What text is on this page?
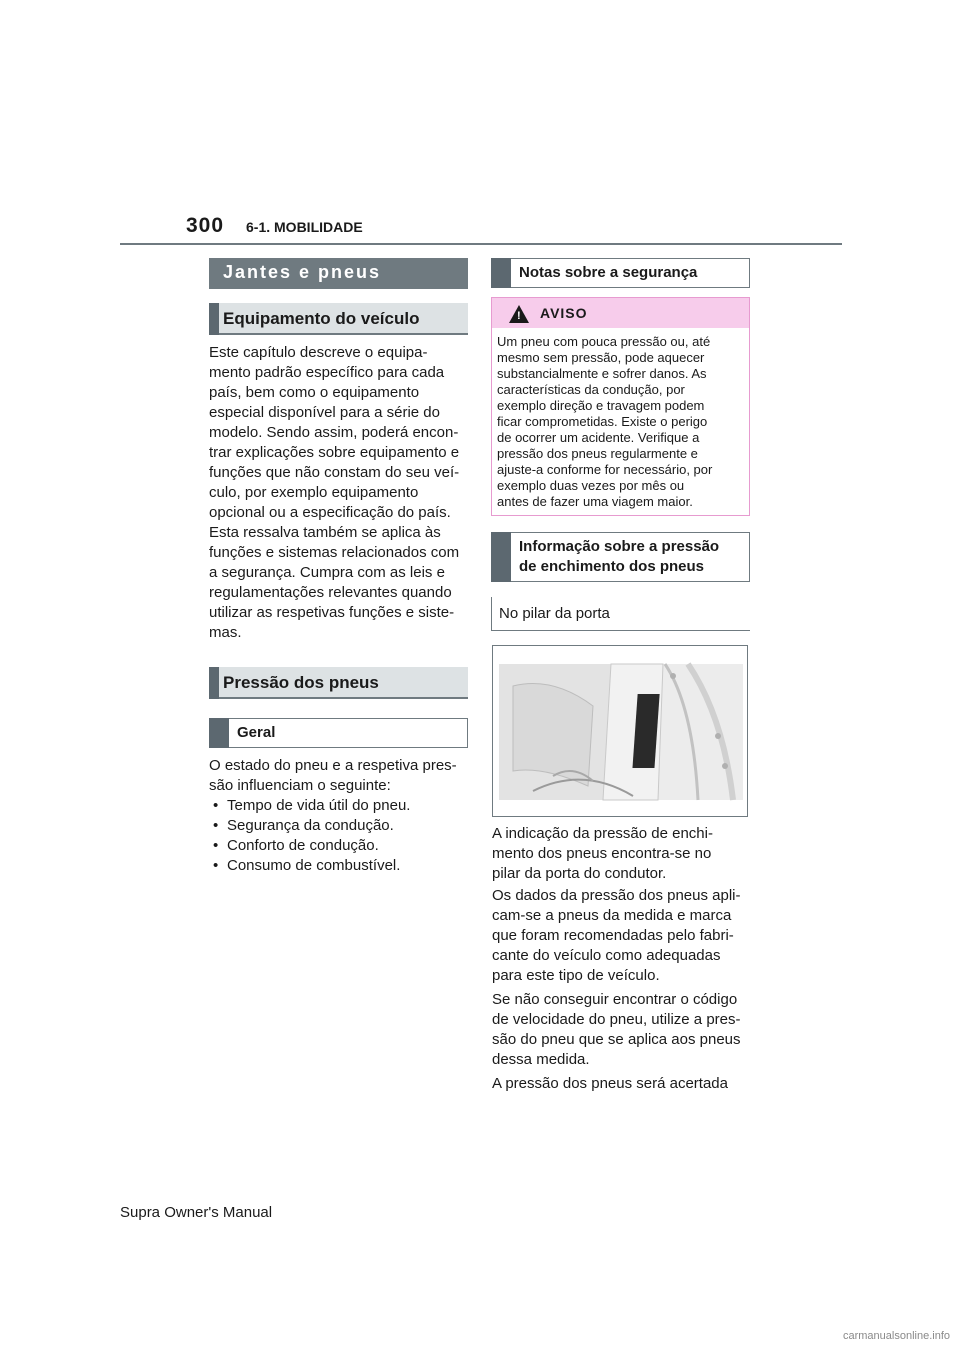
300 6-1. MOBILIDADE
Jantes e pneus
Equipamento do veículo
Este capítulo descreve o equipa-
mento padrão específico para cada
país, bem como o equipamento
especial disponível para a série do
modelo. Sendo assim, poderá encon-
trar explicações sobre equipamento e
funções que não constam do seu veí-
culo, por exemplo equipamento
opcional ou a especificação do país.
Esta ressalva também se aplica às
funções e sistemas relacionados com
a segurança. Cumpra com as leis e
regulamentações relevantes quando
utilizar as respetivas funções e siste-
mas.
Pressão dos pneus
Geral
O estado do pneu e a respetiva pres-
são influenciam o seguinte:
• Tempo de vida útil do pneu.
• Segurança da condução.
• Conforto de condução.
• Consumo de combustível.
Notas sobre a segurança
! AVISO
Um pneu com pouca pressão ou, até
mesmo sem pressão, pode aquecer
substancialmente e sofrer danos. As
características da condução, por
exemplo direção e travagem podem
ficar comprometidas. Existe o perigo
de ocorrer um acidente. Verifique a
pressão dos pneus regularmente e
ajuste-a conforme for necessário, por
exemplo duas vezes por mês ou
antes de fazer uma viagem maior.
Informação sobre a pressão
de enchimento dos pneus
No pilar da porta
A indicação da pressão de enchi-
mento dos pneus encontra-se no
pilar da porta do condutor.
Os dados da pressão dos pneus apli-
cam-se a pneus da medida e marca
que foram recomendadas pelo fabri-
cante do veículo como adequadas
para este tipo de veículo.
Se não conseguir encontrar o código
de velocidade do pneu, utilize a pres-
são do pneu que se aplica aos pneus
dessa medida.
A pressão dos pneus será acertada
Supra Owner's Manual
carmanualsonline.info
